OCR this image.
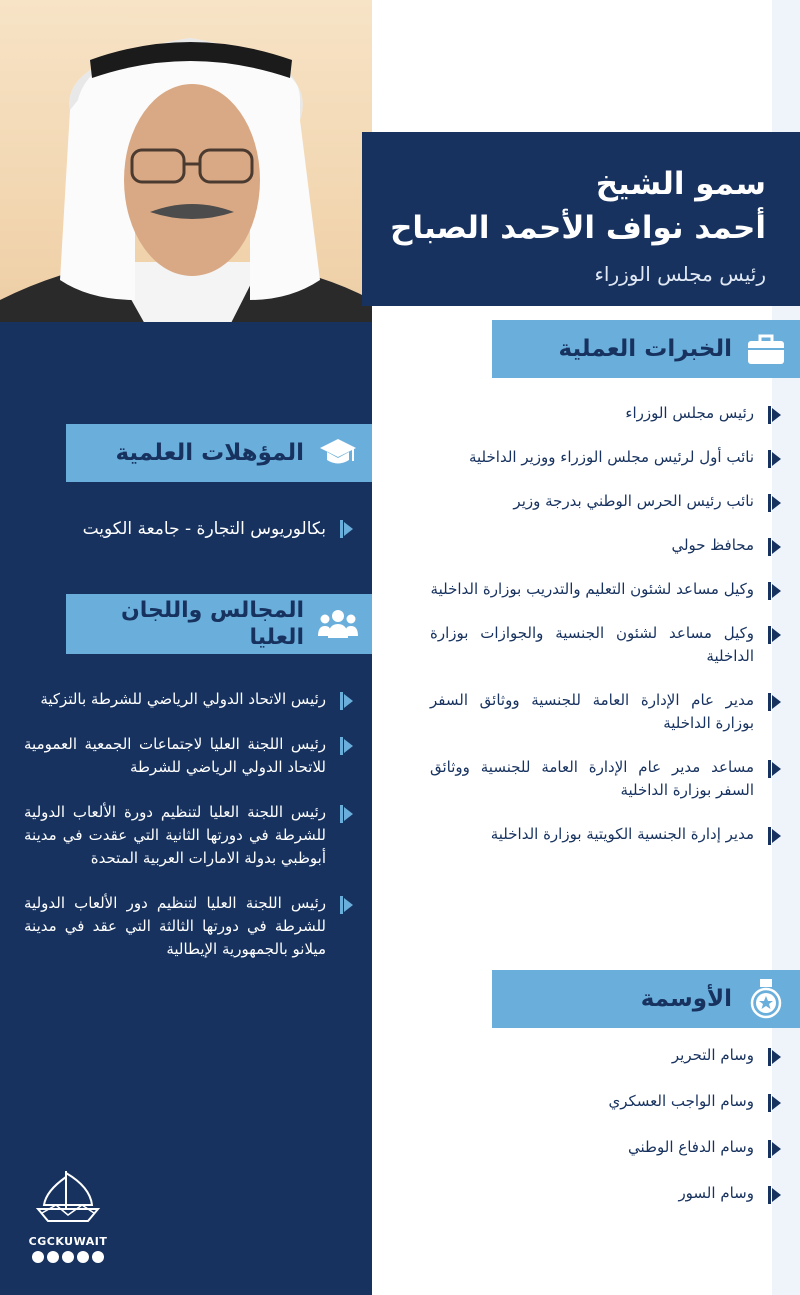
المؤهلات العلمية
بكالوريوس التجارة - جامعة الكويت
المجالس واللجان
العليا
رئيس الاتحاد الدولي الرياضي للشرطة بالتزكية
رئيس اللجنة العليا لاجتماعات الجمعية العمومية للاتحاد الدولي الرياضي للشرطة
رئيس اللجنة العليا لتنظيم دورة الألعاب الدولية للشرطة في دورتها الثانية التي عقدت في مدينة أبوظبي بدولة الامارات العربية المتحدة
رئيس اللجنة العليا لتنظيم دور الألعاب الدولية للشرطة في دورتها الثالثة التي عقد في مدينة ميلانو بالجمهورية الإيطالية
CGCKUWAIT
سمو الشيخ
أحمد نواف الأحمد الصباح
رئيس مجلس الوزراء
الخبرات العملية
رئيس مجلس الوزراء
نائب أول لرئيس مجلس الوزراء ووزير الداخلية
نائب رئيس الحرس الوطني بدرجة وزير
محافظ حولي
وكيل مساعد لشئون التعليم والتدريب بوزارة الداخلية
وكيل مساعد لشئون الجنسية والجوازات بوزارة الداخلية
مدير عام الإدارة العامة للجنسية ووثائق السفر بوزارة الداخلية
مساعد مدير عام الإدارة العامة للجنسية ووثائق السفر بوزارة الداخلية
مدير إدارة الجنسية الكويتية بوزارة الداخلية
الأوسمة
وسام التحرير
وسام الواجب العسكري
وسام الدفاع الوطني
وسام السور
